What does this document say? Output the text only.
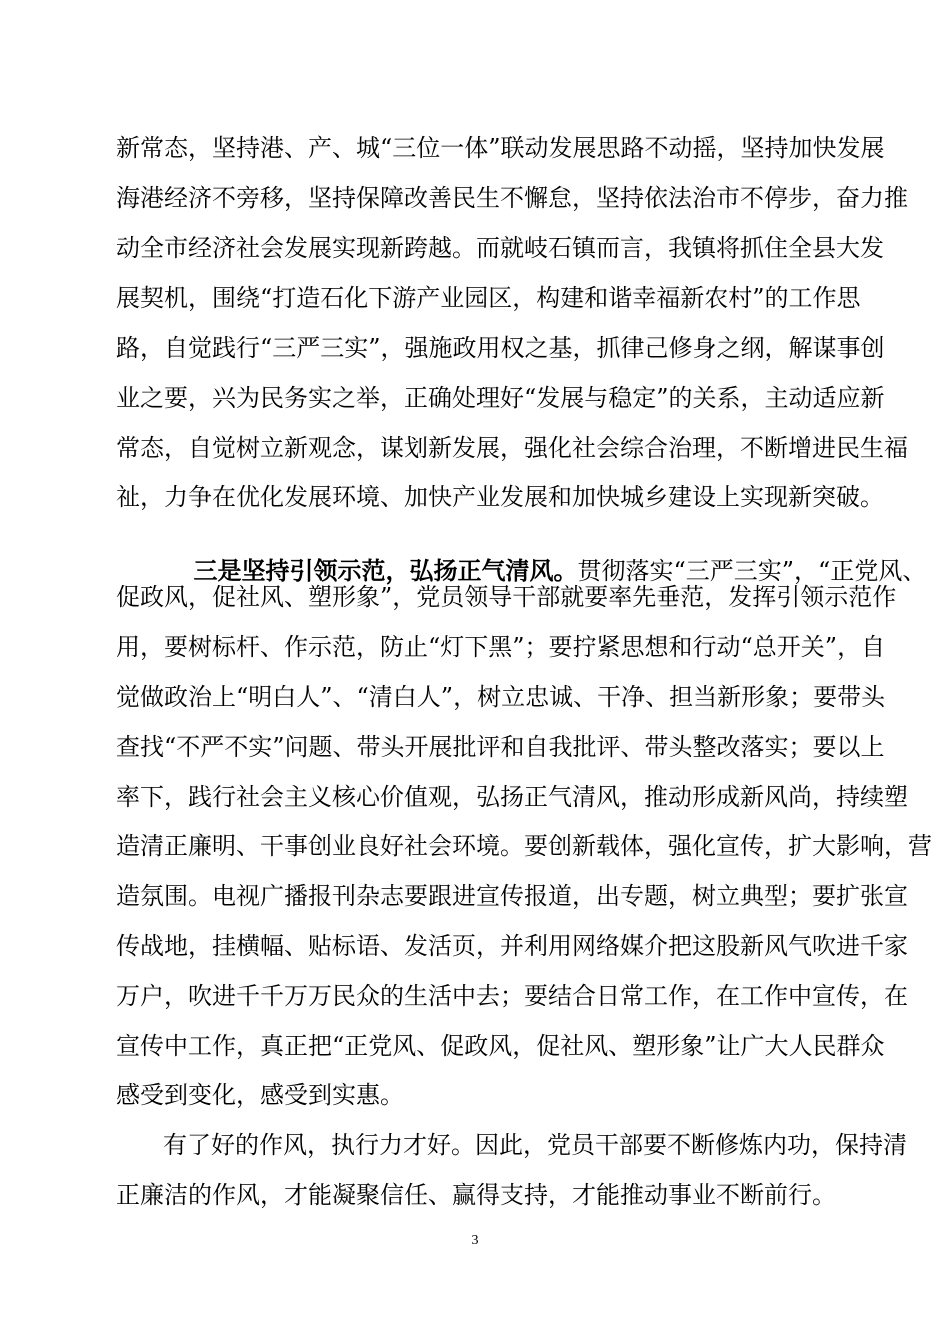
新常态，坚持港、产、城“三位一体”联动发展思路不动摇，坚持加快发展
海港经济不旁移，坚持保障改善民生不懈怠，坚持依法治市不停步，奋力推
动全市经济社会发展实现新跨越。而就岐石镇而言，我镇将抓住全县大发
展契机，围绕“打造石化下游产业园区，构建和谐幸福新农村”的工作思
路，自觉践行“三严三实”，强施政用权之基，抓律己修身之纲，解谋事创
业之要，兴为民务实之举，正确处理好“发展与稳定”的关系，主动适应新
常态，自觉树立新观念，谋划新发展，强化社会综合治理，不断增进民生福
祉，力争在优化发展环境、加快产业发展和加快城乡建设上实现新突破。

三是坚持引领示范，弘扬正气清风。贯彻落实“三严三实”，“正党风、

促政风，促社风、塑形象”，党员领导干部就要率先垂范，发挥引领示范作
用，要树标杆、作示范，防止“灯下黑”；要拧紧思想和行动“总开关”，自
觉做政治上“明白人”、“清白人”，树立忠诚、干净、担当新形象；要带头
查找“不严不实”问题、带头开展批评和自我批评、带头整改落实；要以上
率下，践行社会主义核心价值观，弘扬正气清风，推动形成新风尚，持续塑
造清正廉明、干事创业良好社会环境。要创新载体，强化宣传，扩大影响，营
造氛围。电视广播报刊杂志要跟进宣传报道，出专题，树立典型；要扩张宣
传战地，挂横幅、贴标语、发活页，并利用网络媒介把这股新风气吹进千家
万户，吹进千千万万民众的生活中去；要结合日常工作，在工作中宣传，在
宣传中工作，真正把“正党风、促政风，促社风、塑形象”让广大人民群众
感受到变化，感受到实惠。
有了好的作风，执行力才好。因此，党员干部要不断修炼内功，保持清
正廉洁的作风，才能凝聚信任、赢得支持，才能推动事业不断前行。
3
